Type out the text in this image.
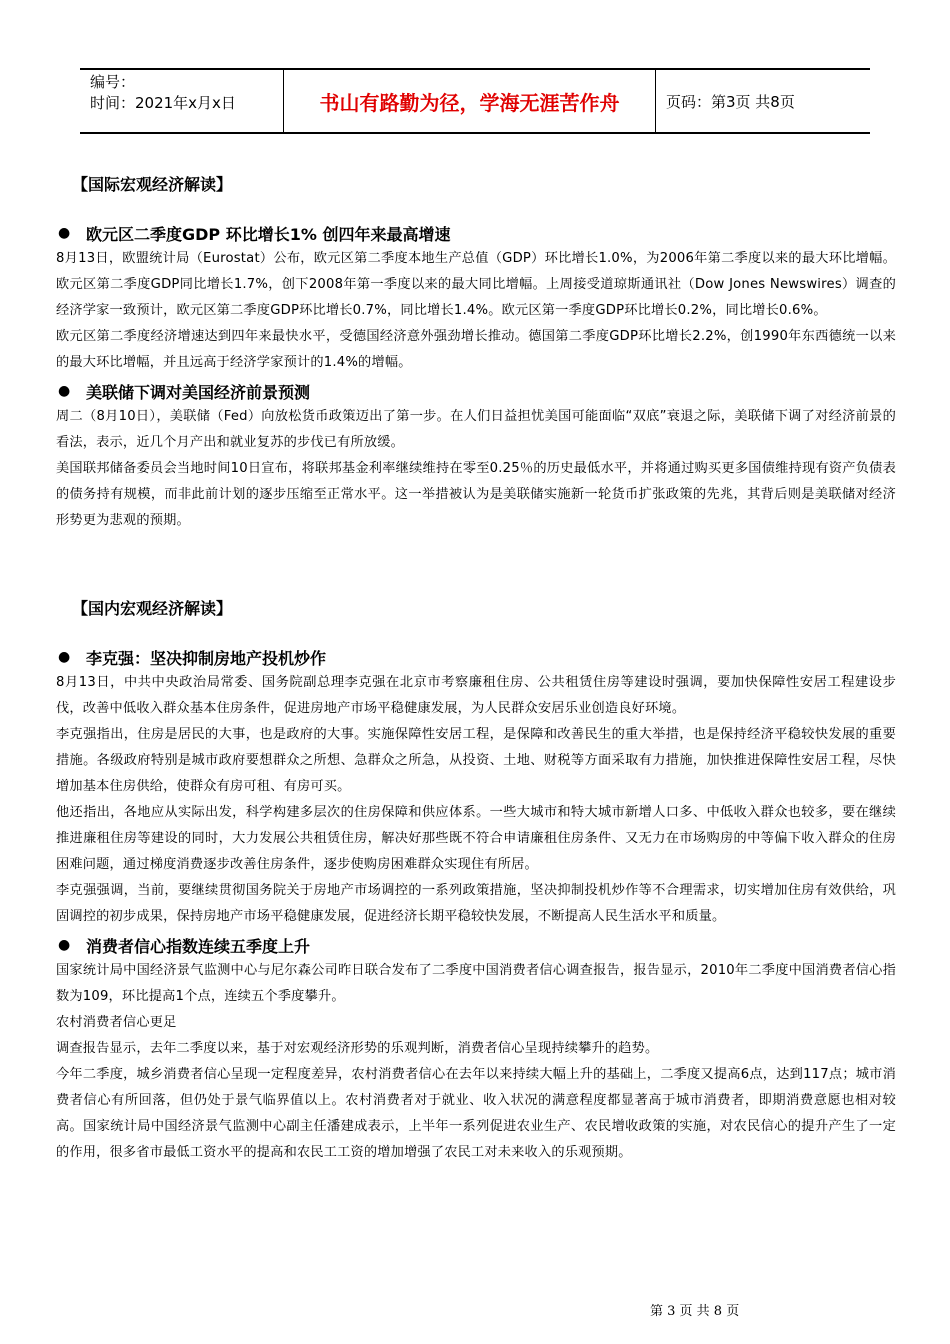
编号：
时间：2021年x月x日	书山有路勤为径，学海无涯苦作舟	页码：第3页 共8页
【国际宏观经济解读】
● 欧元区二季度GDP 环比增长1% 创四年来最高增速
8月13日，欧盟统计局（Eurostat）公布，欧元区第二季度本地生产总值（GDP）环比增长1.0%，为2006年第二季度以来的最大环比增幅。欧元区第二季度GDP同比增长1.7%，创下2008年第一季度以来的最大同比增幅。上周接受道琼斯通讯社（Dow Jones Newswires）调查的经济学家一致预计，欧元区第二季度GDP环比增长0.7%，同比增长1.4%。欧元区第一季度GDP环比增长0.2%，同比增长0.6%。
欧元区第二季度经济增速达到四年来最快水平，受德国经济意外强劲增长推动。德国第二季度GDP环比增长2.2%，创1990年东西德统一以来的最大环比增幅，并且远高于经济学家预计的1.4%的增幅。
● 美联储下调对美国经济前景预测
周二（8月10日），美联储（Fed）向放松货币政策迈出了第一步。在人们日益担忧美国可能面临“双底”衰退之际，美联储下调了对经济前景的看法，表示，近几个月产出和就业复苏的步伐已有所放缓。
美国联邦储备委员会当地时间10日宣布，将联邦基金利率继续维持在零至0.25％的历史最低水平，并将通过购买更多国债维持现有资产负债表的债务持有规模，而非此前计划的逐步压缩至正常水平。这一举措被认为是美联储实施新一轮货币扩张政策的先兆，其背后则是美联储对经济形势更为悲观的预期。
【国内宏观经济解读】
● 李克强：坚决抑制房地产投机炒作
8月13日，中共中央政治局常委、国务院副总理李克强在北京市考察廉租住房、公共租赁住房等建设时强调，要加快保障性安居工程建设步伐，改善中低收入群众基本住房条件，促进房地产市场平稳健康发展，为人民群众安居乐业创造良好环境。
李克强指出，住房是居民的大事，也是政府的大事。实施保障性安居工程，是保障和改善民生的重大举措，也是保持经济平稳较快发展的重要措施。各级政府特别是城市政府要想群众之所想、急群众之所急，从投资、土地、财税等方面采取有力措施，加快推进保障性安居工程，尽快增加基本住房供给，使群众有房可租、有房可买。
他还指出，各地应从实际出发，科学构建多层次的住房保障和供应体系。一些大城市和特大城市新增人口多、中低收入群众也较多，要在继续推进廉租住房等建设的同时，大力发展公共租赁住房，解决好那些既不符合申请廉租住房条件、又无力在市场购房的中等偏下收入群众的住房困难问题，通过梯度消费逐步改善住房条件，逐步使购房困难群众实现住有所居。
李克强强调，当前，要继续贯彻国务院关于房地产市场调控的一系列政策措施，坚决抑制投机炒作等不合理需求，切实增加住房有效供给，巩固调控的初步成果，保持房地产市场平稳健康发展，促进经济长期平稳较快发展，不断提高人民生活水平和质量。
● 消费者信心指数连续五季度上升
国家统计局中国经济景气监测中心与尼尔森公司昨日联合发布了二季度中国消费者信心调查报告，报告显示，2010年二季度中国消费者信心指数为109，环比提高1个点，连续五个季度攀升。
农村消费者信心更足
调查报告显示，去年二季度以来，基于对宏观经济形势的乐观判断，消费者信心呈现持续攀升的趋势。
今年二季度，城乡消费者信心呈现一定程度差异，农村消费者信心在去年以来持续大幅上升的基础上，二季度又提高6点，达到117点；城市消费者信心有所回落，但仍处于景气临界值以上。农村消费者对于就业、收入状况的满意程度都显著高于城市消费者，即期消费意愿也相对较高。国家统计局中国经济景气监测中心副主任潘建成表示，上半年一系列促进农业生产、农民增收政策的实施，对农民信心的提升产生了一定的作用，很多省市最低工资水平的提高和农民工工资的增加增强了农民工对未来收入的乐观预期。
第 3 页 共 8 页
